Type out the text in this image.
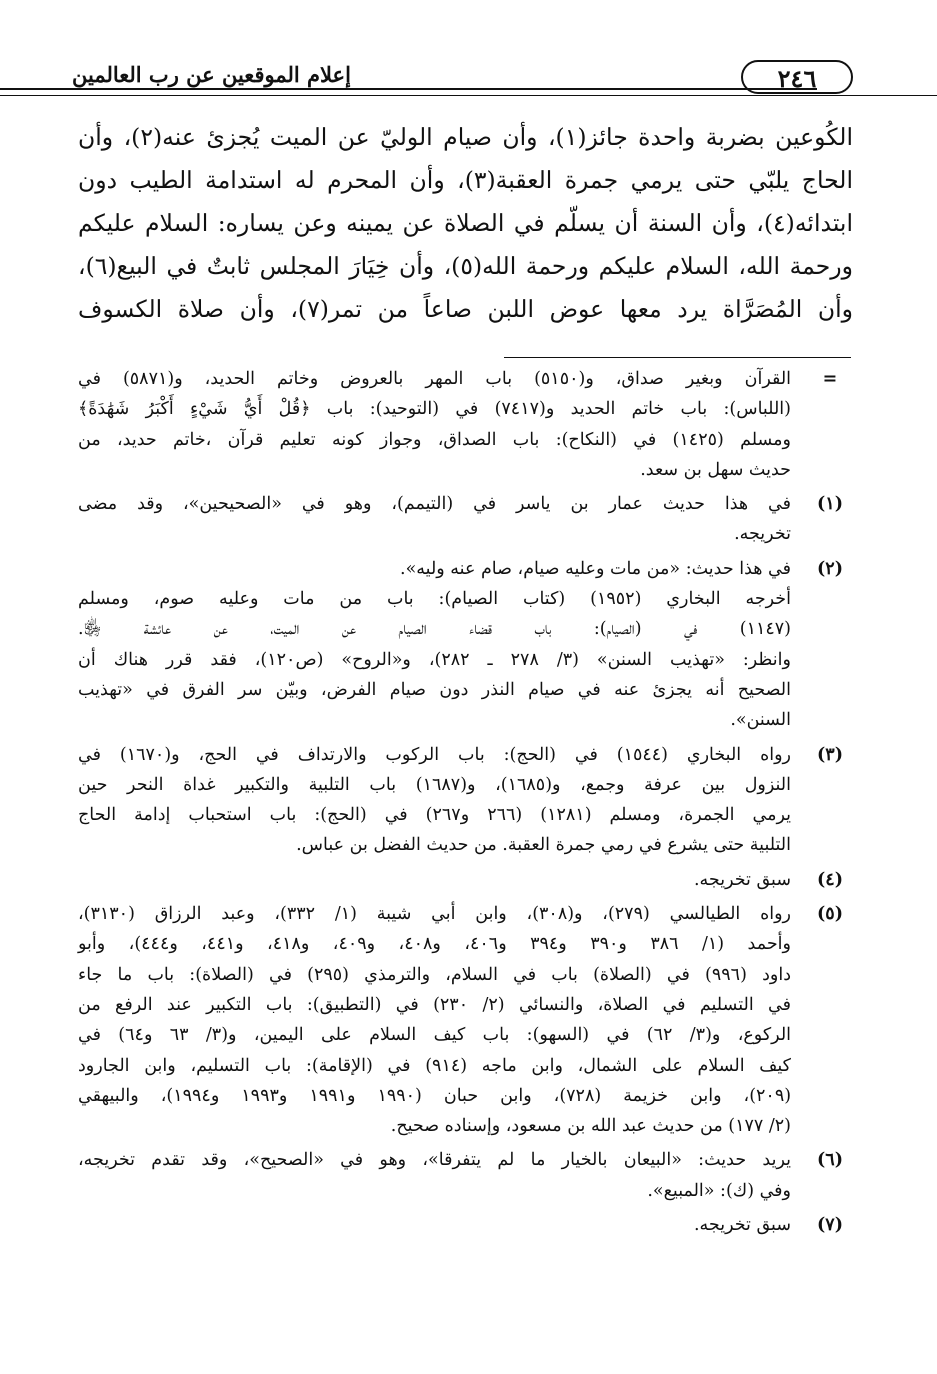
٢٤٦
إعلام الموقعين عن رب العالمين

الكُوعين بضربة واحدة جائز(١)، وأن صيام الوليّ عن الميت يُجزئ عنه(٢)، وأن

الحاج يلبّي حتى يرمي جمرة العقبة(٣)، وأن المحرم له استدامة الطيب دون

ابتدائه(٤)، وأن السنة أن يسلّم في الصلاة عن يمينه وعن يساره: السلام عليكم

ورحمة الله، السلام عليكم ورحمة الله(٥)، وأن خِيَارَ المجلس ثابتٌ في البيع(٦)،

وأن المُصَرَّاة يرد معها عوض اللبن صاعاً من تمر(٧)، وأن صلاة الكسوف

=
القرآن وبغير صداق، و(٥١٥٠) باب المهر بالعروض وخاتم الحديد، و(٥٨٧١) في
(اللباس): باب خاتم الحديد و(٧٤١٧) في (التوحيد): باب ﴿قُلْ أَيُّ شَيْءٍ أَكْبَرُ شَهَٰدَةً﴾
ومسلم (١٤٢٥) في (النكاح): باب الصداق، وجواز كونه تعليم قرآن ،خاتم حديد، من
حديث سهل بن سعد.
(١)
في هذا حديث عمار بن ياسر في (التيمم)، وهو في «الصحيحين»، وقد مضى
تخريجه.
(٢)
في هذا حديث: «من مات وعليه صيام، صام عنه وليه».
أخرجه البخاري (١٩٥٢) (كتاب الصيام): باب من مات وعليه صوم، ومسلم
(١١٤٧) في (الصيام): باب قضاء الصيام عن الميت، عن عائشة ﵂.
وانظر: «تهذيب السنن» (٣/ ٢٧٨ ـ ٢٨٢)، و«الروح» (ص١٢٠)، فقد قرر هناك أن
الصحيح أنه يجزئ عنه في صيام النذر دون صيام الفرض، وبيّن سر الفرق في «تهذيب
السنن».
(٣)
رواه البخاري (١٥٤٤) في (الحج): باب الركوب والارتداف في الحج، و(١٦٧٠) في
النزول بين عرفة وجمع، و(١٦٨٥)، و(١٦٨٧) باب التلبية والتكبير غداة النحر حين
يرمي الجمرة، ومسلم (١٢٨١) (٢٦٦ و٢٦٧) في (الحج): باب استحباب إدامة الحاج
التلبية حتى يشرع في رمي جمرة العقبة. من حديث الفضل بن عباس.
(٤)
سبق تخريجه.
(٥)
رواه الطيالسي (٢٧٩)، و(٣٠٨)، وابن أبي شيبة (١/ ٣٣٢)، وعبد الرزاق (٣١٣٠)،
وأحمد (١/ ٣٨٦ و٣٩٠ و٣٩٤ و٤٠٦، و٤٠٨، و٤٠٩، و٤١٨، و٤٤١، و٤٤٤)، وأبو
داود (٩٩٦) في (الصلاة) باب في السلام، والترمذي (٢٩٥) في (الصلاة): باب ما جاء
في التسليم في الصلاة، والنسائي (٢/ ٢٣٠) في (التطبيق): باب التكبير عند الرفع من
الركوع، و(٣/ ٦٢) في (السهو): باب كيف السلام على اليمين، و(٣/ ٦٣ و٦٤) في
كيف السلام على الشمال، وابن ماجه (٩١٤) في (الإقامة): باب التسليم، وابن الجارود
(٢٠٩)، وابن خزيمة (٧٢٨)، وابن حبان (١٩٩٠ و١٩٩١ و١٩٩٣ و١٩٩٤)، والبيهقي
(٢/ ١٧٧) من حديث عبد الله بن مسعود، وإسناده صحيح.
(٦)
يريد حديث: «البيعان بالخيار ما لم يتفرقا»، وهو في «الصحيح»، وقد تقدم تخريجه،
وفي (ك): «المبيع».
(٧)
سبق تخريجه.
